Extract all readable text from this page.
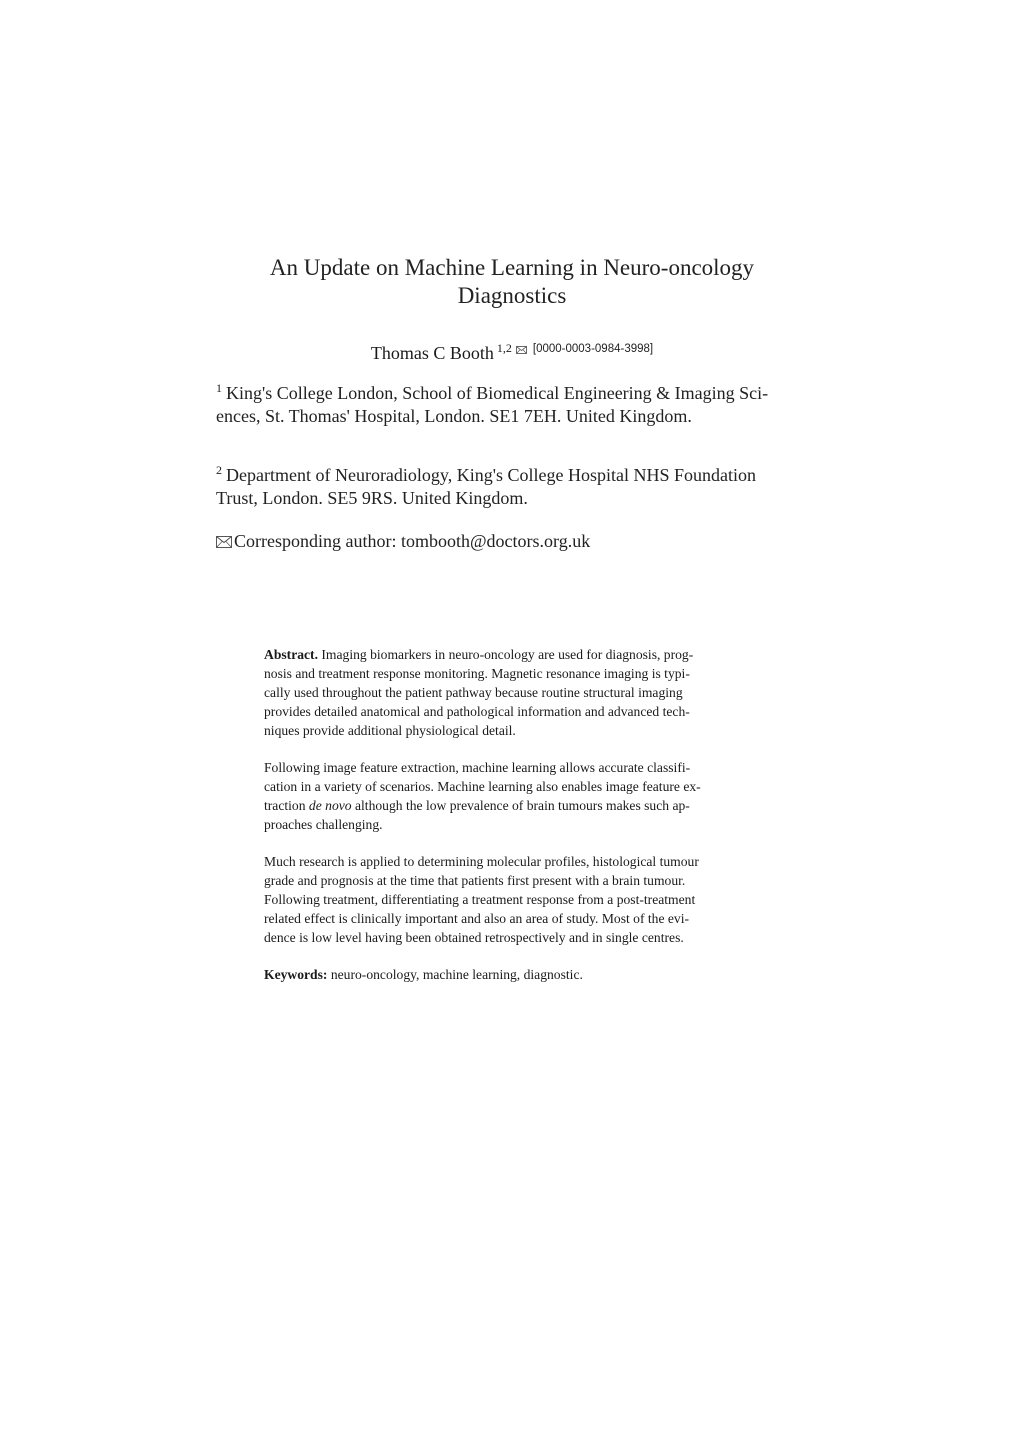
An Update on Machine Learning in Neuro-oncology
Diagnostics
Thomas C Booth $^{1,2}$ [0000-0003-0984-3998]
$^1$ King's College London, School of Biomedical Engineering & Imaging Sci-
ences, St. Thomas' Hospital, London. SE1 7EH. United Kingdom.
$^2$ Department of Neuroradiology, King's College Hospital NHS Foundation
Trust, London. SE5 9RS. United Kingdom.
Corresponding author: tombooth@doctors.org.uk

Abstract. Imaging biomarkers in neuro-oncology are used for diagnosis, prog-
nosis and treatment response monitoring. Magnetic resonance imaging is typi-
cally used throughout the patient pathway because routine structural imaging
provides detailed anatomical and pathological information and advanced tech-
niques provide additional physiological detail.

Following image feature extraction, machine learning allows accurate classifi-
cation in a variety of scenarios. Machine learning also enables image feature ex-
traction de novo although the low prevalence of brain tumours makes such ap-
proaches challenging.

Much research is applied to determining molecular profiles, histological tumour
grade and prognosis at the time that patients first present with a brain tumour.
Following treatment, differentiating a treatment response from a post-treatment
related effect is clinically important and also an area of study. Most of the evi-
dence is low level having been obtained retrospectively and in single centres.

Keywords: neuro-oncology, machine learning, diagnostic.
